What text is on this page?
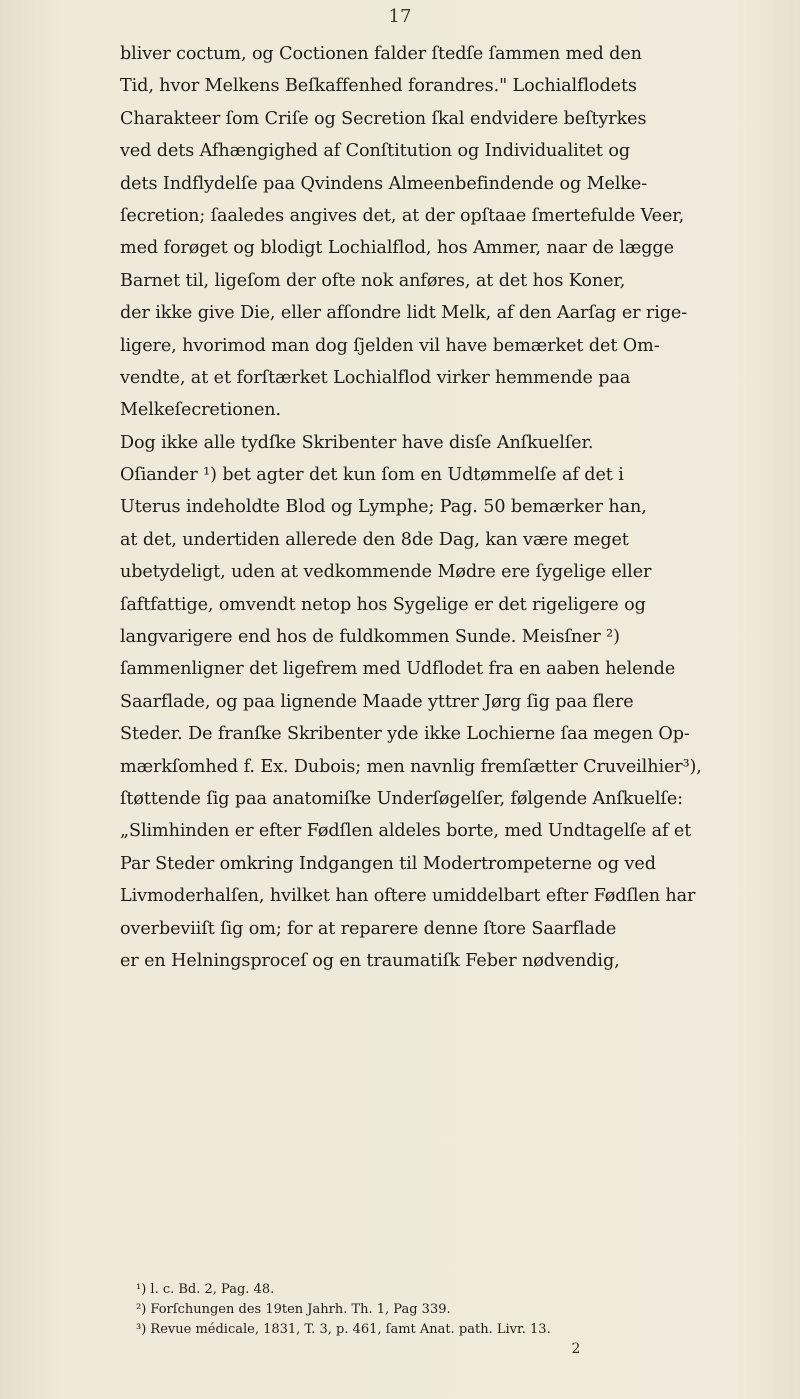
17
bliver coctum, og Coctionen falder ſtedſe ſammen med den
Tid, hvor Melkens Beſkaffenhed forandres." Lochialflodets
Charakteer ſom Criſe og Secretion ſkal endvidere beſtyrkes
ved dets Afhængighed af Conſtitution og Individualitet og
dets Indflydelſe paa Qvindens Almeenbefindende og Melke-
ſecretion; ſaaledes angives det, at der opſtaae ſmertefulde Veer,
med forøget og blodigt Lochialflod, hos Ammer, naar de lægge
Barnet til, ligeſom der ofte nok anføres, at det hos Koner,
der ikke give Die, eller afſondre lidt Melk, af den Aarſag er rige-
ligere, hvorimod man dog ſjelden vil have bemærket det Om-
vendte, at et forſtærket Lochialflod virker hemmende paa
Melkeſecretionen.
Dog ikke alle tydſke Skribenter have disſe Anſkuelſer.
Oſiander ¹) bet agter det kun ſom en Udtømmelſe af det i
Uterus indeholdte Blod og Lymphe; Pag. 50 bemærker han,
at det, undertiden allerede den 8de Dag, kan være meget
ubetydeligt, uden at vedkommende Mødre ere ſygelige eller
ſaftfattige, omvendt netop hos Sygelige er det rigeligere og
langvarigere end hos de fuldkommen Sunde. Meisſner ²)
ſammenligner det ligefrem med Udflodet fra en aaben helende
Saarflade, og paa lignende Maade yttrer Jørg ſig paa flere
Steder. De franſke Skribenter yde ikke Lochierne ſaa megen Op-
mærkſomhed f. Ex. Dubois; men navnlig fremſætter Cruveilhier³),
ſtøttende ſig paa anatomiſke Underſøgelſer, følgende Anſkuelſe:
„Slimhinden er efter Fødſlen aldeles borte, med Undtagelſe af et
Par Steder omkring Indgangen til Modertrompeterne og ved
Livmoderhalſen, hvilket han oftere umiddelbart efter Fødſlen har
overbeviiſt ſig om; for at reparere denne ſtore Saarflade
er en Helningsproceſ og en traumatiſk Feber nødvendig,
¹) l. c. Bd. 2, Pag. 48.
²) Forſchungen des 19ten Jahrh. Th. 1, Pag 339.
³) Revue médicale, 1831, T. 3, p. 461, ſamt Anat. path. Livr. 13.
2
